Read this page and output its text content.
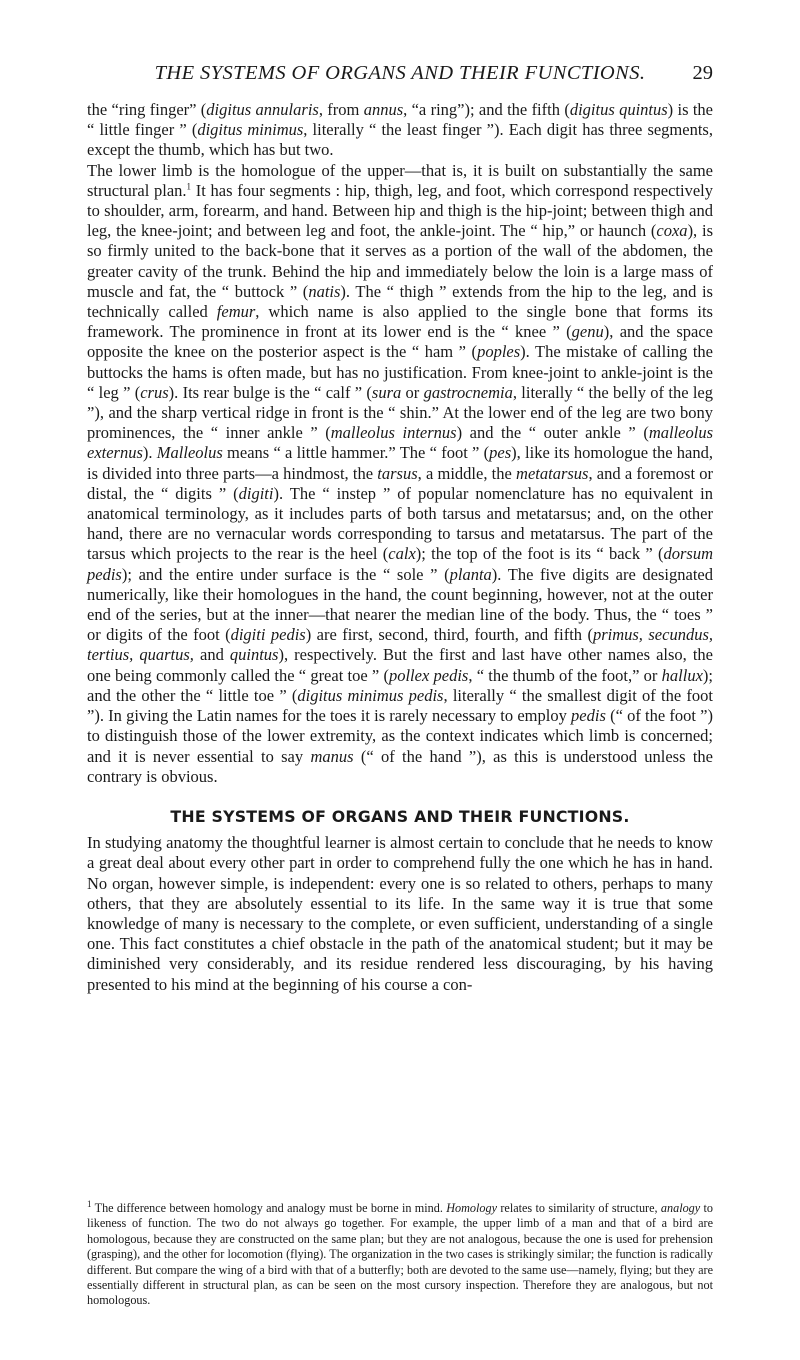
THE SYSTEMS OF ORGANS AND THEIR FUNCTIONS.	29

the “ring finger” (digitus annularis, from annus, “a ring”); and the fifth (digitus quintus) is the “ little finger ” (digitus minimus, literally “ the least finger ”). Each digit has three segments, except the thumb, which has but two.

The lower limb is the homologue of the upper—that is, it is built on substantially the same structural plan.$^1$ It has four segments : hip, thigh, leg, and foot, which correspond respectively to shoulder, arm, forearm, and hand. Between hip and thigh is the hip-joint; between thigh and leg, the knee-joint; and between leg and foot, the ankle-joint. The “ hip,” or haunch (coxa), is so firmly united to the back-bone that it serves as a portion of the wall of the abdomen, the greater cavity of the trunk. Behind the hip and immediately below the loin is a large mass of muscle and fat, the “ buttock ” (natis). The “ thigh ” extends from the hip to the leg, and is technically called femur, which name is also applied to the single bone that forms its framework. The prominence in front at its lower end is the “ knee ” (genu), and the space opposite the knee on the posterior aspect is the “ ham ” (poples). The mistake of calling the buttocks the hams is often made, but has no justification. From knee-joint to ankle-joint is the “ leg ” (crus). Its rear bulge is the “ calf ” (sura or gastrocnemia, literally “ the belly of the leg ”), and the sharp vertical ridge in front is the “ shin.” At the lower end of the leg are two bony prominences, the “ inner ankle ” (malleolus internus) and the “ outer ankle ” (malleolus externus). Malleolus means “ a little hammer.” The “ foot ” (pes), like its homologue the hand, is divided into three parts—a hindmost, the tarsus, a middle, the metatarsus, and a foremost or distal, the “ digits ” (digiti). The “ instep ” of popular nomenclature has no equivalent in anatomical terminology, as it includes parts of both tarsus and metatarsus; and, on the other hand, there are no vernacular words corresponding to tarsus and metatarsus. The part of the tarsus which projects to the rear is the heel (calx); the top of the foot is its “ back ” (dorsum pedis); and the entire under surface is the “ sole ” (planta). The five digits are designated numerically, like their homologues in the hand, the count beginning, however, not at the outer end of the series, but at the inner—that nearer the median line of the body. Thus, the “ toes ” or digits of the foot (digiti pedis) are first, second, third, fourth, and fifth (primus, secundus, tertius, quartus, and quintus), respectively. But the first and last have other names also, the one being commonly called the “ great toe ” (pollex pedis, “ the thumb of the foot,” or hallux); and the other the “ little toe ” (digitus minimus pedis, literally “ the smallest digit of the foot ”). In giving the Latin names for the toes it is rarely necessary to employ pedis (“ of the foot ”) to distinguish those of the lower extremity, as the context indicates which limb is concerned; and it is never essential to say manus (“ of the hand ”), as this is understood unless the contrary is obvious.

THE SYSTEMS OF ORGANS AND THEIR FUNCTIONS.

In studying anatomy the thoughtful learner is almost certain to conclude that he needs to know a great deal about every other part in order to comprehend fully the one which he has in hand. No organ, however simple, is independent: every one is so related to others, perhaps to many others, that they are absolutely essential to its life. In the same way it is true that some knowledge of many is necessary to the complete, or even sufficient, understanding of a single one. This fact constitutes a chief obstacle in the path of the anatomical student; but it may be diminished very considerably, and its residue rendered less discouraging, by his having presented to his mind at the beginning of his course a con-

$^1$ The difference between homology and analogy must be borne in mind. Homology relates to similarity of structure, analogy to likeness of function. The two do not always go together. For example, the upper limb of a man and that of a bird are homologous, because they are constructed on the same plan; but they are not analogous, because the one is used for prehension (grasping), and the other for locomotion (flying). The organization in the two cases is strikingly similar; the function is radically different. But compare the wing of a bird with that of a butterfly; both are devoted to the same use—namely, flying; but they are essentially different in structural plan, as can be seen on the most cursory inspection. Therefore they are analogous, but not homologous.
